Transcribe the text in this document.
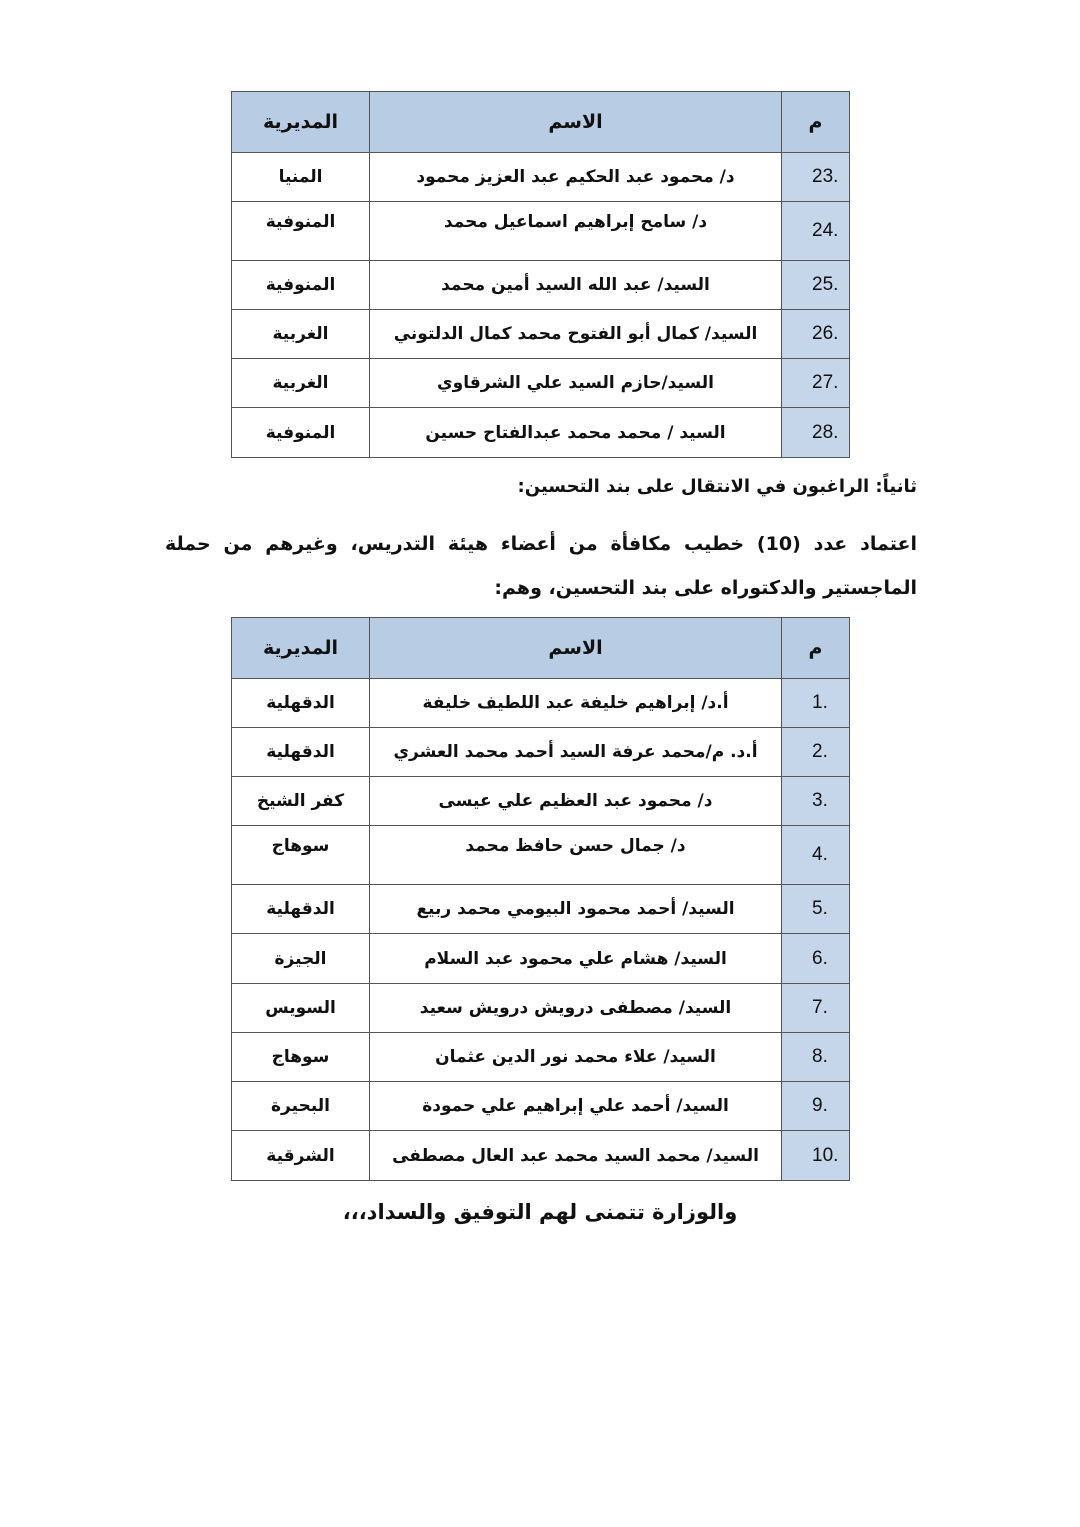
م	الاسم	المديرية
23.	د/ محمود عبد الحكيم عبد العزيز محمود	المنيا
24.	د/ سامح إبراهيم اسماعيل محمد	المنوفية
25.	السيد/ عبد الله السيد أمين محمد	المنوفية
26.	السيد/ كمال أبو الفتوح محمد كمال الدلتوني	الغربية
27.	السيد/حازم السيد علي الشرقاوي	الغربية
28.	السيد / محمد محمد عبدالفتاح حسين	المنوفية
ثانياً: الراغبون في الانتقال على بند التحسين:
اعتماد عدد (10) خطيب مكافأة من أعضاء هيئة التدريس، وغيرهم من حملة الماجستير والدكتوراه على بند التحسين، وهم:
م	الاسم	المديرية
1.	أ.د/ إبراهيم خليفة عبد اللطيف خليفة	الدقهلية
2.	أ.د. م/محمد عرفة السيد أحمد محمد العشري	الدقهلية
3.	د/ محمود عبد العظيم علي عيسى	كفر الشيخ
4.	د/ جمال حسن حافظ محمد	سوهاج
5.	السيد/ أحمد محمود البيومي محمد ربيع	الدقهلية
6.	السيد/ هشام علي محمود عبد السلام	الجيزة
7.	السيد/ مصطفى درويش درويش سعيد	السويس
8.	السيد/ علاء محمد نور الدين عثمان	سوهاج
9.	السيد/ أحمد علي إبراهيم علي حمودة	البحيرة
10.	السيد/ محمد السيد محمد عبد العال مصطفى	الشرقية
والوزارة تتمنى لهم التوفيق والسداد،،،
